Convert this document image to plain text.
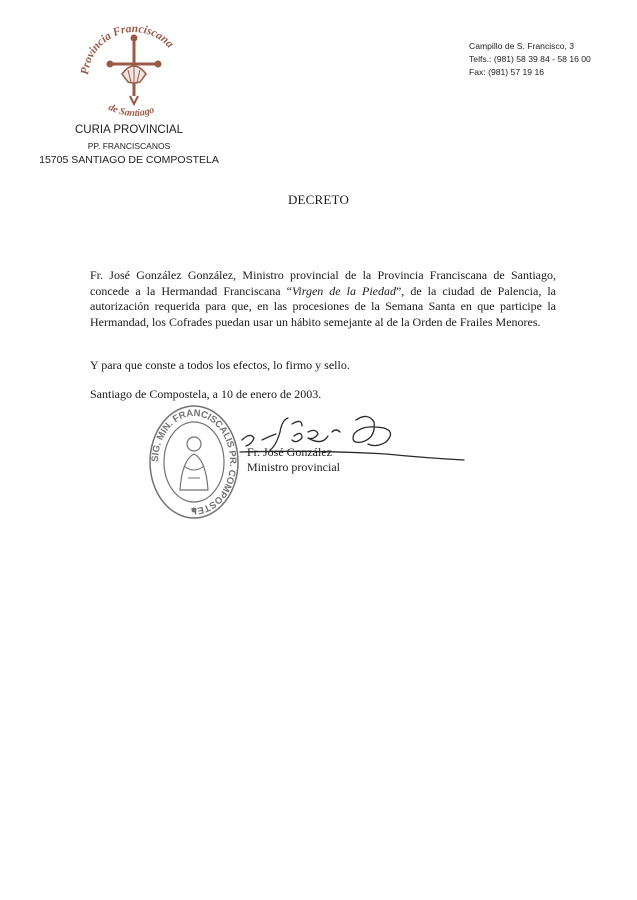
Provincia Franciscana
de Santiago
CURIA PROVINCIAL
PP. FRANCISCANOS
15705 SANTIAGO DE COMPOSTELA
Campillo de S. Francisco, 3
Telfs.: (981) 58 39 84 - 58 16 00
Fax: (981) 57 19 16
DECRETO

Fr. José González González, Ministro provincial de la Provincia Franciscana de Santiago, concede a la Hermandad Franciscana “Virgen de la Piedad”, de la ciudad de Palencia, la autorización requerida para que, en las procesiones de la Semana Santa en que participe la Hermandad, los Cofrades puedan usar un hábito semejante al de la Orden de Frailes Menores.

Y para que conste a todos los efectos, lo firmo y sello.

Santiago de Compostela, a 10 de enero de 2003.

SIG. MIN. FRANCISCALIS PR. COMPOSTE

Fr. José González
Ministro provincial
